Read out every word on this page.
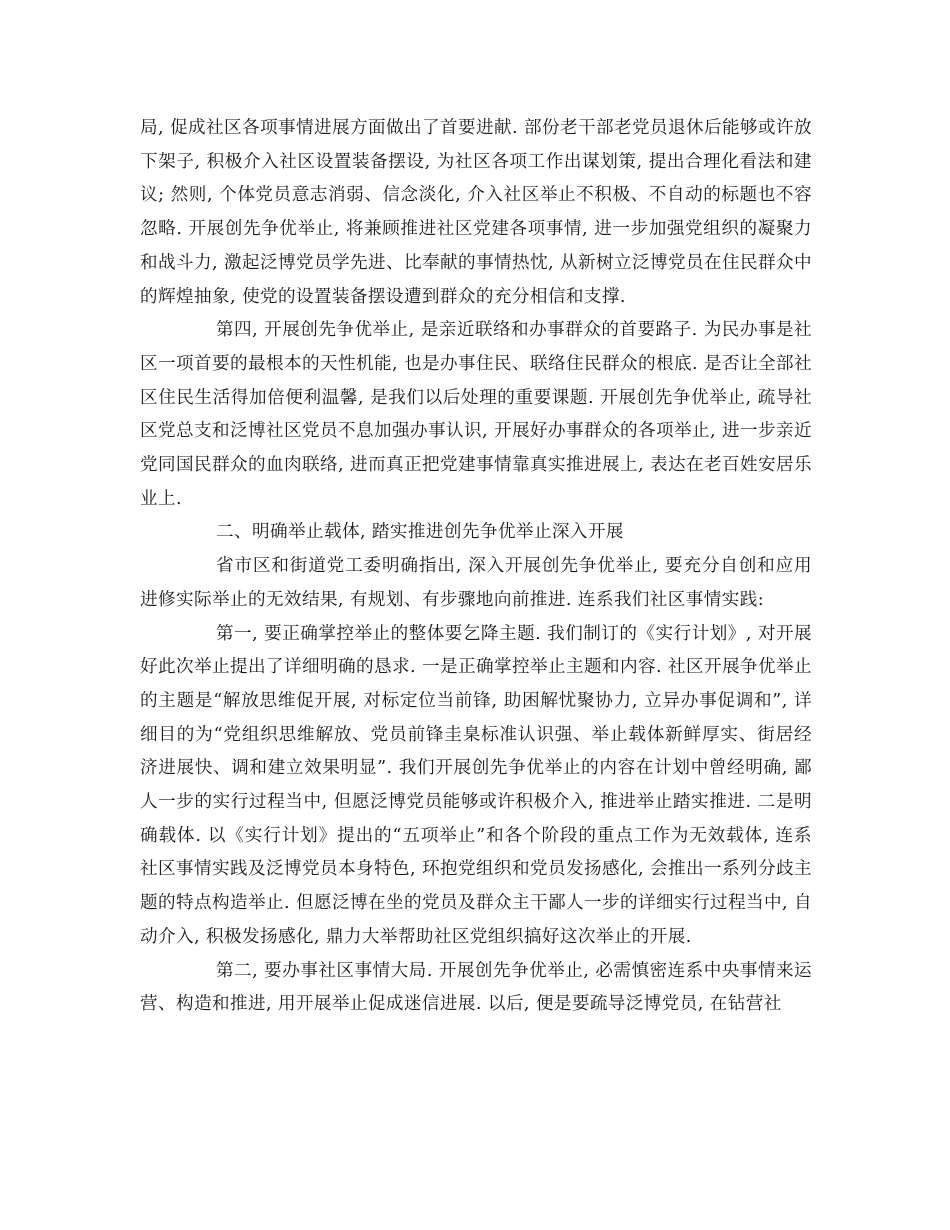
局, 促成社区各项事情进展方面做出了首要进献. 部份老干部老党员退休后能够或许放下架子, 积极介入社区设置装备摆设, 为社区各项工作出谋划策, 提出合理化看法和建议; 然则, 个体党员意志消弱、信念淡化, 介入社区举止不积极、不自动的标题也不容忽略. 开展创先争优举止, 将兼顾推进社区党建各项事情, 进一步加强党组织的凝聚力和战斗力, 激起泛博党员学先进、比奉献的事情热忱, 从新树立泛博党员在住民群众中的辉煌抽象, 使党的设置装备摆设遭到群众的充分相信和支撑.

第四, 开展创先争优举止, 是亲近联络和办事群众的首要路子. 为民办事是社区一项首要的最根本的天性机能, 也是办事住民、联络住民群众的根底. 是否让全部社区住民生活得加倍便利温馨, 是我们以后处理的重要课题. 开展创先争优举止, 疏导社区党总支和泛博社区党员不息加强办事认识, 开展好办事群众的各项举止, 进一步亲近党同国民群众的血肉联络, 进而真正把党建事情靠真实推进展上, 表达在老百姓安居乐业上.

二、明确举止载体, 踏实推进创先争优举止深入开展

省市区和街道党工委明确指出, 深入开展创先争优举止, 要充分自创和应用进修实际举止的无效结果, 有规划、有步骤地向前推进. 连系我们社区事情实践:

第一, 要正确掌控举止的整体要乞降主题. 我们制订的《实行计划》, 对开展好此次举止提出了详细明确的恳求. 一是正确掌控举止主题和内容. 社区开展争优举止的主题是“解放思维促开展, 对标定位当前锋, 助困解忧聚协力, 立异办事促调和”, 详细目的为“党组织思维解放、党员前锋圭臬标准认识强、举止载体新鲜厚实、街居经济进展快、调和建立效果明显”. 我们开展创先争优举止的内容在计划中曾经明确, 鄙人一步的实行过程当中, 但愿泛博党员能够或许积极介入, 推进举止踏实推进. 二是明确载体. 以《实行计划》提出的“五项举止”和各个阶段的重点工作为无效载体, 连系社区事情实践及泛博党员本身特色, 环抱党组织和党员发扬感化, 会推出一系列分歧主题的特点构造举止. 但愿泛博在坐的党员及群众主干鄙人一步的详细实行过程当中, 自动介入, 积极发扬感化, 鼎力大举帮助社区党组织搞好这次举止的开展.

第二, 要办事社区事情大局. 开展创先争优举止, 必需慎密连系中央事情来运营、构造和推进, 用开展举止促成迷信进展. 以后, 便是要疏导泛博党员, 在钻营社
